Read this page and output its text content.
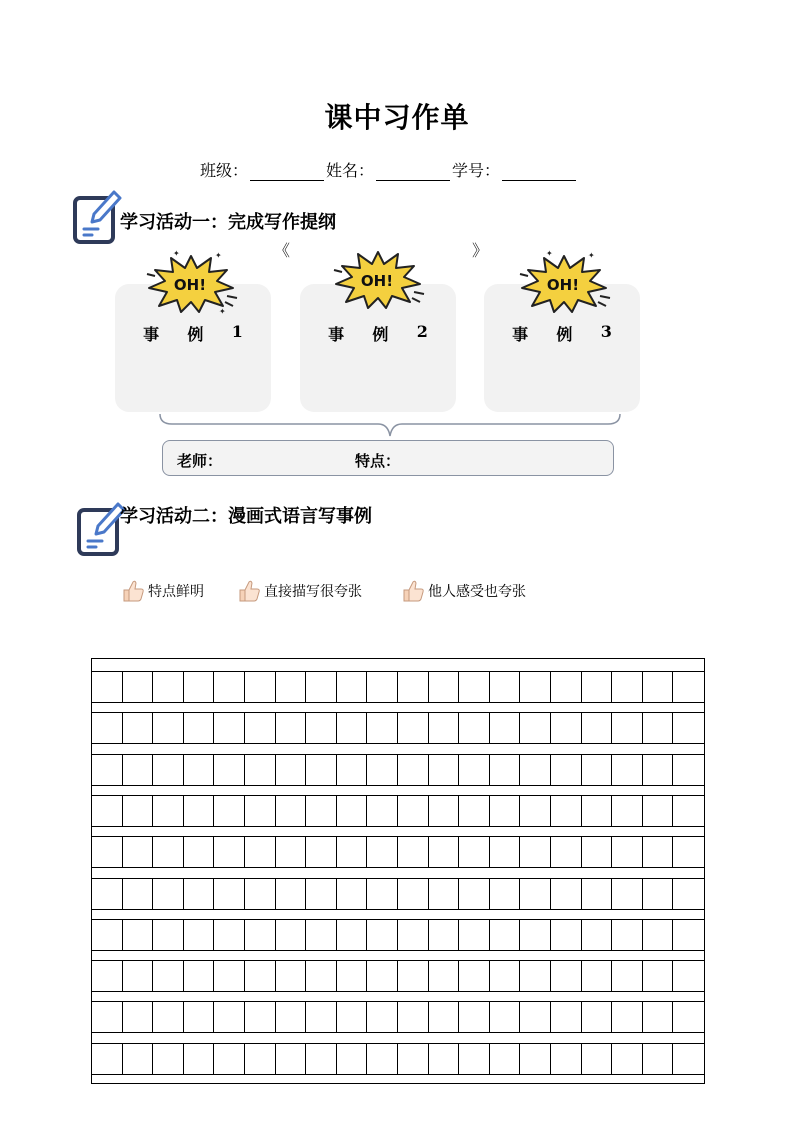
课中习作单
班级：	姓名：	学号：
学习活动一：完成写作提纲
《	》
OH!
✦	✦
✦
OH!	OH!
✦	✦
事 例 1	事 例 2	事 例 3
老师：	特点：
学习活动二：漫画式语言写事例
特点鲜明	直接描写很夸张	他人感受也夸张
